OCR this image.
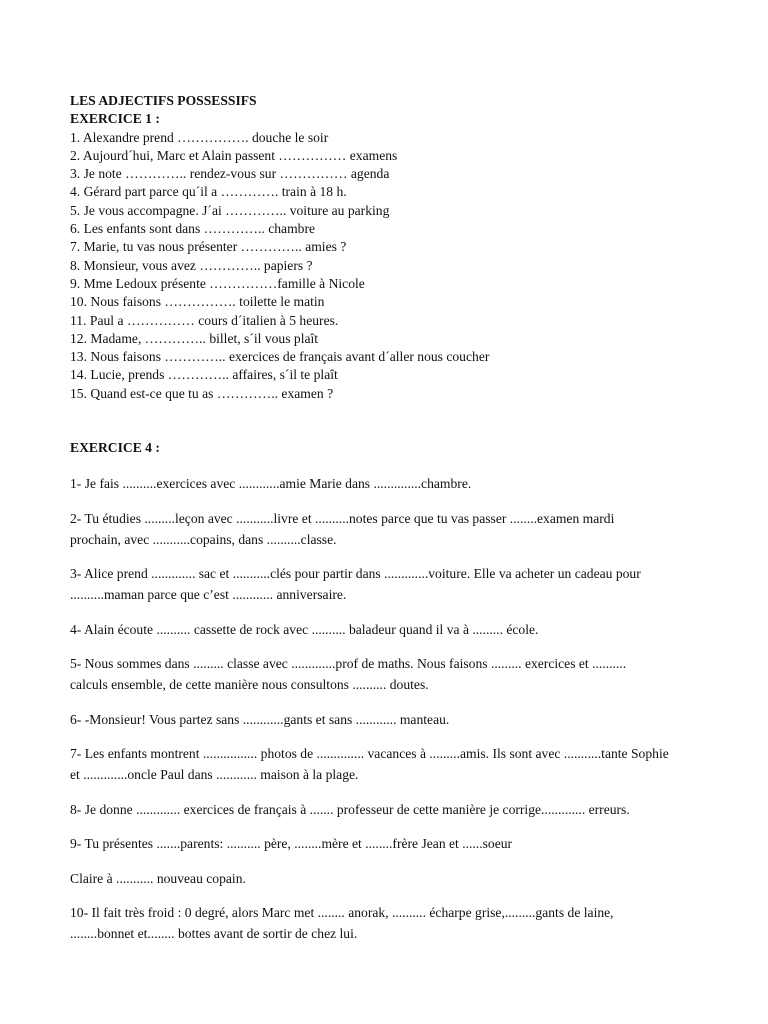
LES ADJECTIFS POSSESSIFS
EXERCICE 1 :
1. Alexandre prend ……………. douche le soir
2. Aujourd´hui, Marc et Alain passent …………… examens
3. Je note ………….. rendez-vous sur …………… agenda
4. Gérard part parce qu´il a …………. train à 18 h.
5. Je vous accompagne. J´ai ………….. voiture au parking
6. Les enfants sont dans ………….. chambre
7. Marie, tu vas nous présenter ………….. amies ?
8. Monsieur, vous avez ………….. papiers ?
9. Mme Ledoux présente ……………famille à Nicole
10. Nous faisons ……………. toilette le matin
11. Paul a …………… cours d´italien à 5 heures.
12. Madame, ………….. billet, s´il vous plaît
13. Nous faisons ………….. exercices de français avant d´aller nous coucher
14. Lucie, prends ………….. affaires, s´il te plaît
15. Quand est-ce que tu as ………….. examen ?
EXERCICE 4 :
1- Je fais ..........exercices avec ............amie Marie dans ..............chambre.
2- Tu étudies .........leçon avec ...........livre et ..........notes parce que tu vas passer ........examen mardi
prochain, avec ...........copains, dans ..........classe.
3- Alice prend ............. sac et ...........clés pour partir dans .............voiture. Elle va acheter un cadeau pour
..........maman parce que c’est ............ anniversaire.
4- Alain écoute .......... cassette de rock avec .......... baladeur quand il va à ......... école.
5- Nous sommes dans ......... classe avec .............prof de maths. Nous faisons ......... exercices et ..........
calculs ensemble, de cette manière nous consultons .......... doutes.
6- -Monsieur! Vous partez sans ............gants et sans ............ manteau.
7- Les enfants montrent ................ photos de .............. vacances à .........amis. Ils sont avec ...........tante Sophie
et .............oncle Paul dans ............ maison à la plage.
8- Je donne ............. exercices de français à ....... professeur de cette manière je corrige............. erreurs.
9- Tu présentes .......parents: .......... père, ........mère et ........frère Jean et ......soeur
Claire à ........... nouveau copain.
10- Il fait très froid : 0 degré, alors Marc met ........ anorak, .......... écharpe grise,.........gants de laine,
........bonnet et........ bottes avant de sortir de chez lui.
